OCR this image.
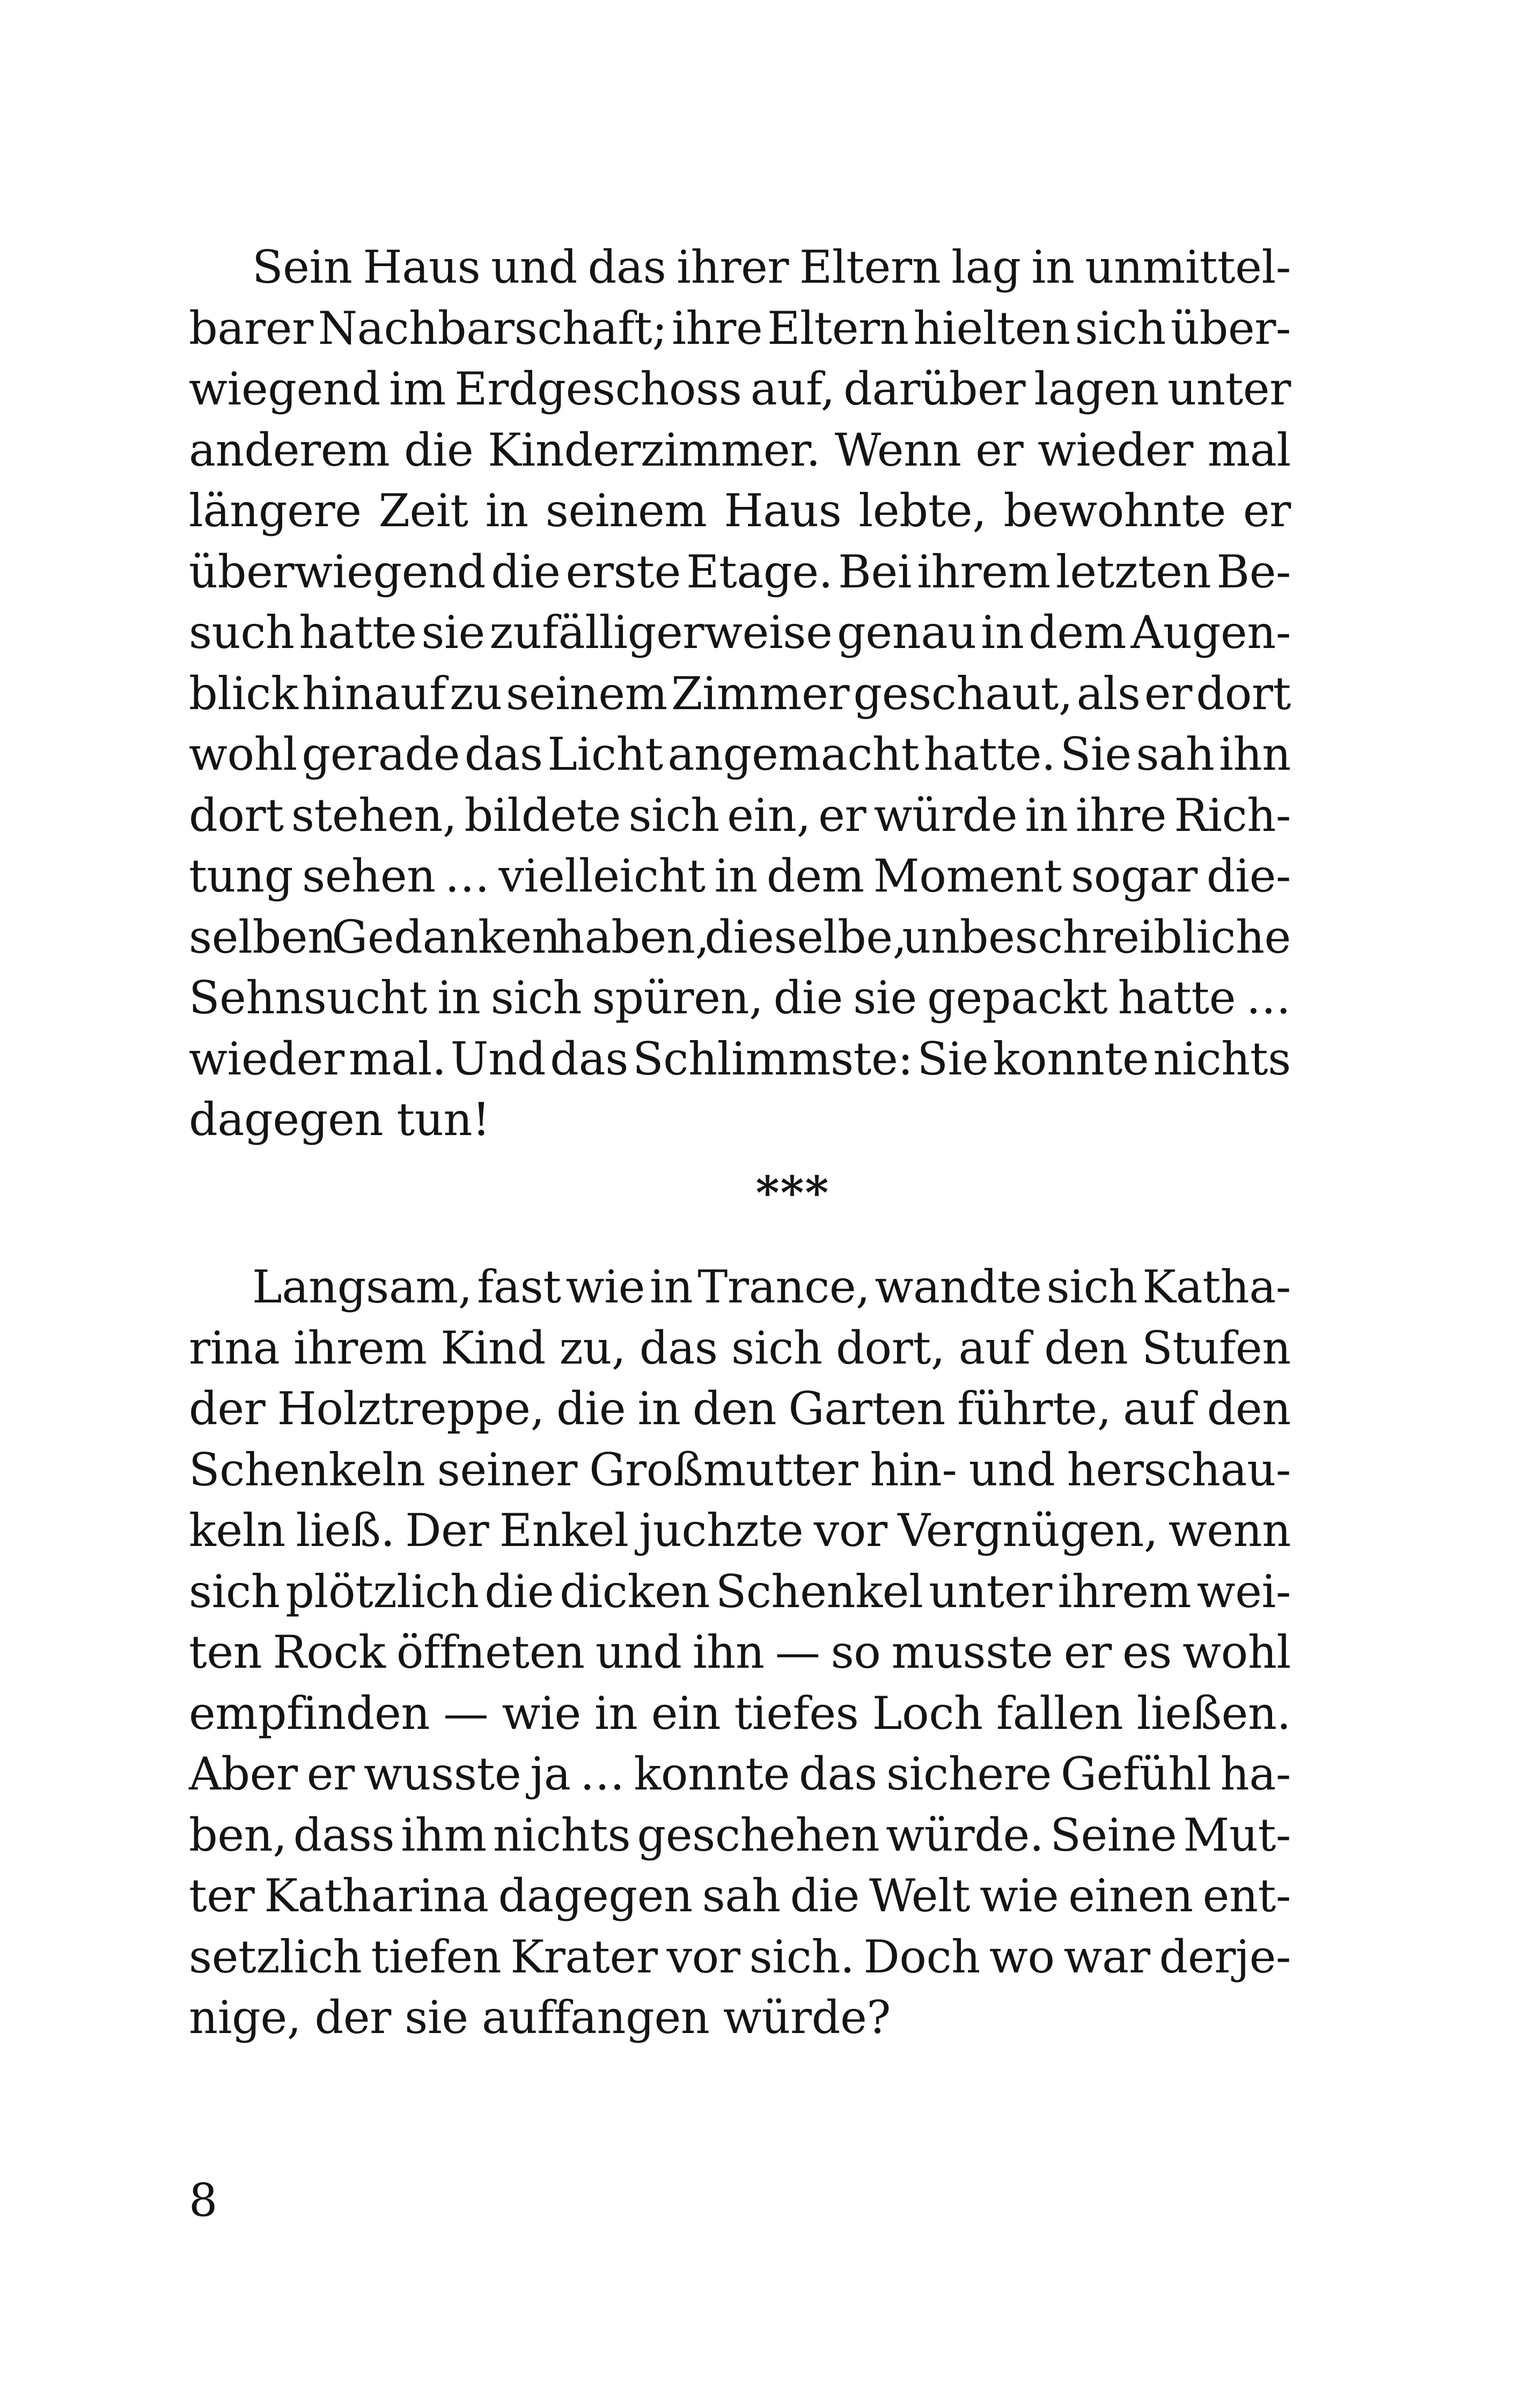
Sein Haus und das ihrer Eltern lag in unmittel-
barer Nachbarschaft; ihre Eltern hielten sich über-
wiegend im Erdgeschoss auf, darüber lagen unter
anderem die Kinderzimmer. Wenn er wieder mal
längere Zeit in seinem Haus lebte, bewohnte er
überwiegend die erste Etage. Bei ihrem letzten Be-
such hatte sie zufälligerweise genau in dem Augen-
blick hinauf zu seinem Zimmer geschaut, als er dort
wohl gerade das Licht angemacht hatte. Sie sah ihn
dort stehen, bildete sich ein, er würde in ihre Rich-
tung sehen … vielleicht in dem Moment sogar die-
selben Gedanken haben, dieselbe, unbeschreibliche
Sehnsucht in sich spüren, die sie gepackt hatte …
wieder mal. Und das Schlimmste: Sie konnte nichts
dagegen tun!
***
Langsam, fast wie in Trance, wandte sich Katha-
rina ihrem Kind zu, das sich dort, auf den Stufen
der Holztreppe, die in den Garten führte, auf den
Schenkeln seiner Großmutter hin- und herschau-
keln ließ. Der Enkel juchzte vor Vergnügen, wenn
sich plötzlich die dicken Schenkel unter ihrem wei-
ten Rock öffneten und ihn — so musste er es wohl
empfinden — wie in ein tiefes Loch fallen ließen.
Aber er wusste ja … konnte das sichere Gefühl ha-
ben, dass ihm nichts geschehen würde. Seine Mut-
ter Katharina dagegen sah die Welt wie einen ent-
setzlich tiefen Krater vor sich. Doch wo war derje-
nige, der sie auffangen würde?
8
